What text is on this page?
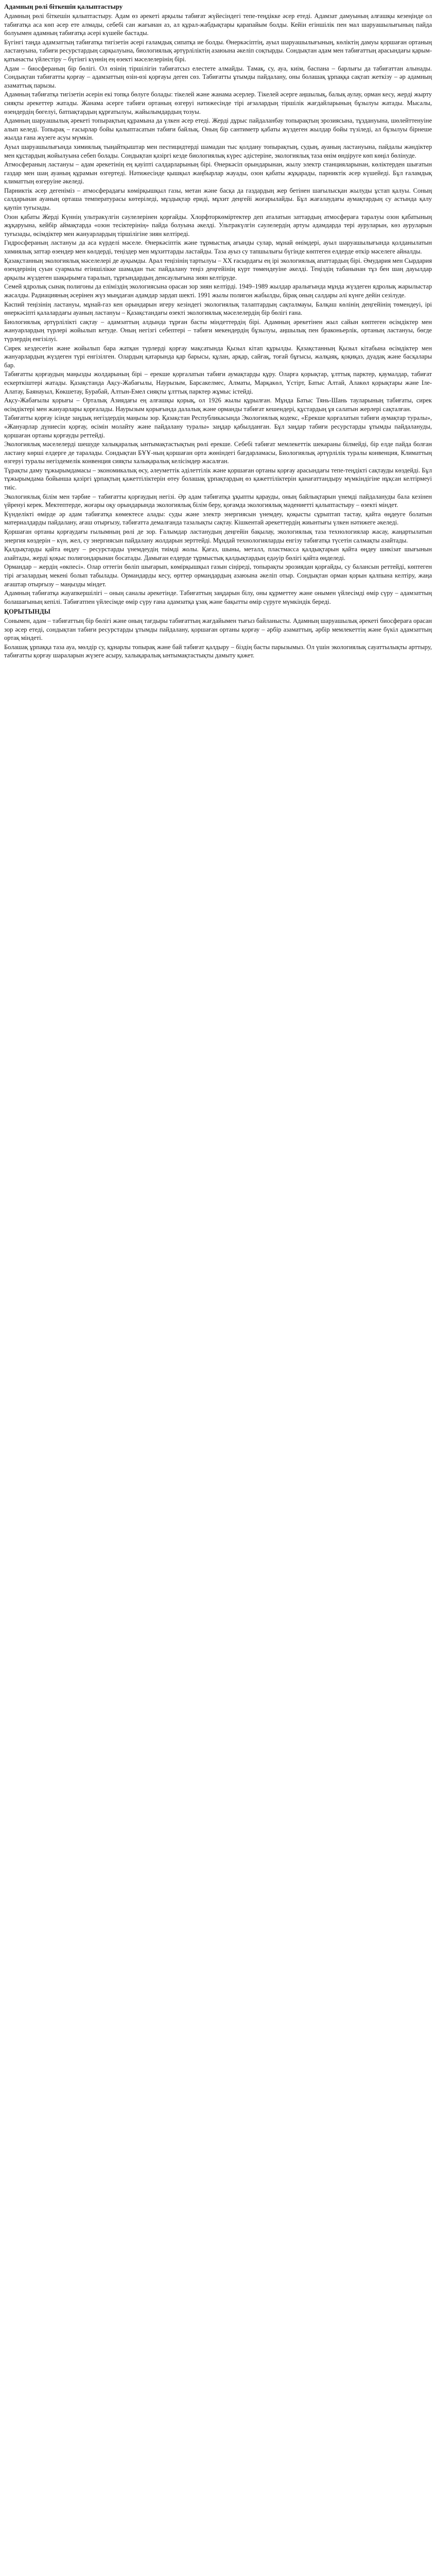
Адамның рөлі біткешін қалыптастыру

Адамның рөлі біткешін қалыптастыру. Адам өз әрекеті арқылы табиғат жүйесіндегі тепе-теңдікке әсер етеді. Адамзат дамуының алғашқы кезеңінде ол табиғатқа аса көп әсер ете алмады, себебі сан жағынан аз, ал құрал-жабдықтары қарапайым болды. Кейін егіншілік пен мал шаруашылығының пайда болуымен адамның табиғатқа әсері күшейе бастады.

Бүгінгі таңда адамзаттың табиғатқа тигізетін әсері ғаламдық сипатқа ие болды. Өнеркәсіптің, ауыл шаруашылығының, көліктің дамуы қоршаған ортаның ластануына, табиғи ресурстардың сарқылуына, биологиялық әртүрліліктің азаюына әкеліп соқтырды. Сондықтан адам мен табиғаттың арасындағы қарым-қатынасты үйлестіру – бүгінгі күннің ең өзекті мәселелерінің бірі.

Адам – биосфераның бір бөлігі. Ол өзінің тіршілігін табиғатсыз елестете алмайды. Тамақ, су, ауа, киім, баспана – барлығы да табиғаттан алынады. Сондықтан табиғатты қорғау – адамзаттың өзін-өзі қорғауы деген сөз. Табиғатты ұтымды пайдалану, оны болашақ ұрпаққа сақтап жеткізу – әр адамның азаматтық парызы.

Адамның табиғатқа тигізетін әсерін екі топқа бөлуге болады: тікелей және жанама әсерлер. Тікелей әсерге аңшылық, балық аулау, орман кесу, жерді жырту сияқты әрекеттер жатады. Жанама әсерге табиғи ортаның өзгеруі нәтижесінде тірі ағзалардың тіршілік жағдайларының бұзылуы жатады. Мысалы, өзендердің бөгелуі, батпақтардың құрғатылуы, жайылымдардың тозуы.

Адамның шаруашылық әрекеті топырақтың құрамына да үлкен әсер етеді. Жерді дұрыс пайдаланбау топырақтың эрозиясына, тұздануына, шөлейттенуіне алып келеді. Топырақ – ғасырлар бойы қалыптасатын табиғи байлық. Оның бір сантиметр қабаты жүздеген жылдар бойы түзіледі, ал бұзылуы бірнеше жылда ғана жүзеге асуы мүмкін.

Ауыл шаруашылығында химиялық тыңайтқыштар мен пестицидтерді шамадан тыс қолдану топырақтың, судың, ауаның ластануына, пайдалы жәндіктер мен құстардың жойылуына себеп болады. Сондықтан қазіргі кезде биологиялық күрес әдістеріне, экологиялық таза өнім өндіруге көп көңіл бөлінуде.

Атмосфераның ластануы – адам әрекетінің ең қауіпті салдарларының бірі. Өнеркәсіп орындарынан, жылу электр станцияларынан, көліктерден шығатын газдар мен шаң ауаның құрамын өзгертеді. Нәтижесінде қышқыл жаңбырлар жауады, озон қабаты жұқарады, парниктік әсер күшейеді. Бұл ғаламдық климаттың өзгеруіне әкеледі.

Парниктік әсер дегеніміз – атмосферадағы көмірқышқыл газы, метан және басқа да газдардың жер бетінен шағылысқан жылуды ұстап қалуы. Соның салдарынан ауаның орташа температурасы көтеріледі, мұздықтар ериді, мұхит деңгейі жоғарылайды. Бұл жағалаудағы аумақтардың су астында қалу қаупін туғызады.

Озон қабаты Жерді Күннің ультракүлгін сәулелерінен қорғайды. Хлорфторкөміртектер деп аталатын заттардың атмосфераға таралуы озон қабатының жұқаруына, кейбір аймақтарда «озон тесіктерінің» пайда болуына әкелді. Ультракүлгін сәулелердің артуы адамдарда тері ауруларын, көз ауруларын туғызады, өсімдіктер мен жануарлардың тіршілігіне зиян келтіреді.

Гидросфераның ластануы да аса күрделі мәселе. Өнеркәсіптік және тұрмыстық ағынды сулар, мұнай өнімдері, ауыл шаруашылығында қолданылатын химиялық заттар өзендер мен көлдерді, теңіздер мен мұхиттарды ластайды. Таза ауыз су тапшылығы бүгінде көптеген елдерде өткір мәселеге айналды.

Қазақстанның экологиялық мәселелері де ауқымды. Арал теңізінің тартылуы – ХХ ғасырдағы ең ірі экологиялық апаттардың бірі. Әмудария мен Сырдария өзендерінің суын суармалы егіншілікке шамадан тыс пайдалану теңіз деңгейінің күрт төмендеуіне әкелді. Теңіздің табанынан тұз бен шаң дауылдар арқылы жүздеген шақырымға таралып, тұрғындардың денсаулығына зиян келтіруде.

Семей ядролық сынақ полигоны да еліміздің экологиясына орасан зор зиян келтірді. 1949–1989 жылдар аралығында мұнда жүздеген ядролық жарылыстар жасалды. Радиацияның әсерінен жүз мыңдаған адамдар зардап шекті. 1991 жылы полигон жабылды, бірақ оның салдары әлі күнге дейін сезілуде.

Каспий теңізінің ластануы, мұнай-газ кен орындарын игеру кезіндегі экологиялық талаптардың сақталмауы, Балқаш көлінің деңгейінің төмендеуі, ірі өнеркәсіпті қалалардағы ауаның ластануы – Қазақстандағы өзекті экологиялық мәселелердің бір бөлігі ғана.

Биологиялық әртүрлілікті сақтау – адамзаттың алдында тұрған басты міндеттердің бірі. Адамның әрекетінен жыл сайын көптеген өсімдіктер мен жануарлардың түрлері жойылып кетуде. Оның негізгі себептері – табиғи мекендердің бұзылуы, аңшылық пен браконьерлік, ортаның ластануы, бөгде түрлердің енгізілуі.

Сирек кездесетін және жойылып бара жатқан түрлерді қорғау мақсатында Қызыл кітап құрылды. Қазақстанның Қызыл кітабына өсімдіктер мен жануарлардың жүздеген түрі енгізілген. Олардың қатарында қар барысы, құлан, арқар, сайғақ, тоғай бұғысы, жалқаяқ, қоқиқаз, дуадақ және басқалары бар.

Табиғатты қорғаудың маңызды жолдарының бірі – ерекше қорғалатын табиғи аумақтарды құру. Оларға қорықтар, ұлттық парктер, қаумалдар, табиғат ескерткіштері жатады. Қазақстанда Ақсу-Жабағылы, Наурызым, Барсакелмес, Алматы, Марқакөл, Үстірт, Батыс Алтай, Алакөл қорықтары және Іле-Алатау, Баянауыл, Көкшетау, Бурабай, Алтын-Емел сияқты ұлттық парктер жұмыс істейді.

Ақсу-Жабағылы қорығы – Орталық Азиядағы ең алғашқы қорық, ол 1926 жылы құрылған. Мұнда Батыс Тянь-Шань тауларының табиғаты, сирек өсімдіктері мен жануарлары қорғалады. Наурызым қорығында далалық және орманды табиғат кешендері, құстардың ұя салатын жерлері сақталған.

Табиғатты қорғау ісінде заңдық негіздердің маңызы зор. Қазақстан Республикасында Экологиялық кодекс, «Ерекше қорғалатын табиғи аумақтар туралы», «Жануарлар дүниесін қорғау, өсімін молайту және пайдалану туралы» заңдар қабылданған. Бұл заңдар табиғи ресурстарды ұтымды пайдалануды, қоршаған ортаны қорғауды реттейді.

Экологиялық мәселелерді шешуде халықаралық ынтымақтастықтың рөлі ерекше. Себебі табиғат мемлекеттік шекараны білмейді, бір елде пайда болған ластану көрші елдерге де таралады. Сондықтан БҰҰ-ның қоршаған орта жөніндегі бағдарламасы, Биологиялық әртүрлілік туралы конвенция, Климаттың өзгеруі туралы негіздемелік конвенция сияқты халықаралық келісімдер жасалған.

Тұрақты даму тұжырымдамасы – экономикалық өсу, әлеуметтік әділеттілік және қоршаған ортаны қорғау арасындағы тепе-теңдікті сақтауды көздейді. Бұл тұжырымдама бойынша қазіргі ұрпақтың қажеттіліктерін өтеу болашақ ұрпақтардың өз қажеттіліктерін қанағаттандыру мүмкіндігіне нұқсан келтірмеуі тиіс.

Экологиялық білім мен тәрбие – табиғатты қорғаудың негізі. Әр адам табиғатқа ұқыпты қарауды, оның байлықтарын үнемді пайдалануды бала кезінен үйренуі керек. Мектептерде, жоғары оқу орындарында экологиялық білім беру, қоғамда экологиялық мәдениетті қалыптастыру – өзекті міндет.

Күнделікті өмірде әр адам табиғатқа көмектесе алады: суды және электр энергиясын үнемдеу, қоқысты сұрыптап тастау, қайта өңдеуге болатын материалдарды пайдалану, ағаш отырғызу, табиғатта демалғанда тазалықты сақтау. Кішкентай әрекеттердің жиынтығы үлкен нәтижеге әкеледі.

Қоршаған ортаны қорғаудағы ғылымның рөлі де зор. Ғалымдар ластанудың деңгейін бақылау, экологиялық таза технологиялар жасау, жаңартылатын энергия көздерін – күн, жел, су энергиясын пайдалану жолдарын зерттейді. Мұндай технологияларды енгізу табиғатқа түсетін салмақты азайтады.

Қалдықтарды қайта өңдеу – ресурстарды үнемдеудің тиімді жолы. Қағаз, шыны, металл, пластмасса қалдықтарын қайта өңдеу шикізат шығынын азайтады, жерді қоқыс полигондарынан босатады. Дамыған елдерде тұрмыстық қалдықтардың едәуір бөлігі қайта өңделеді.

Ормандар – жердің «өкпесі». Олар оттегін бөліп шығарып, көмірқышқыл газын сіңіреді, топырақты эрозиядан қорғайды, су балансын реттейді, көптеген тірі ағзалардың мекені болып табылады. Ормандарды кесу, өрттер ормандардың азаюына әкеліп отыр. Сондықтан орман қорын қалпына келтіру, жаңа ағаштар отырғызу – маңызды міндет.

Адамның табиғатқа жауапкершілігі – оның саналы әрекетінде. Табиғаттың заңдарын білу, оны құрметтеу және онымен үйлесімді өмір сүру – адамзаттың болашағының кепілі. Табиғатпен үйлесімде өмір сүру ғана адамзатқа ұзақ және бақытты өмір сүруге мүмкіндік береді.

ҚОРЫТЫНДЫ

Сонымен, адам – табиғаттың бір бөлігі және оның тағдыры табиғаттың жағдайымен тығыз байланысты. Адамның шаруашылық әрекеті биосфераға орасан зор әсер етеді, сондықтан табиғи ресурстарды ұтымды пайдалану, қоршаған ортаны қорғау – әрбір азаматтың, әрбір мемлекеттің және бүкіл адамзаттың ортақ міндеті.

Болашақ ұрпаққа таза ауа, мөлдір су, құнарлы топырақ және бай табиғат қалдыру – біздің басты парызымыз. Ол үшін экологиялық сауаттылықты арттыру, табиғатты қорғау шараларын жүзеге асыру, халықаралық ынтымақтастықты дамыту қажет.
